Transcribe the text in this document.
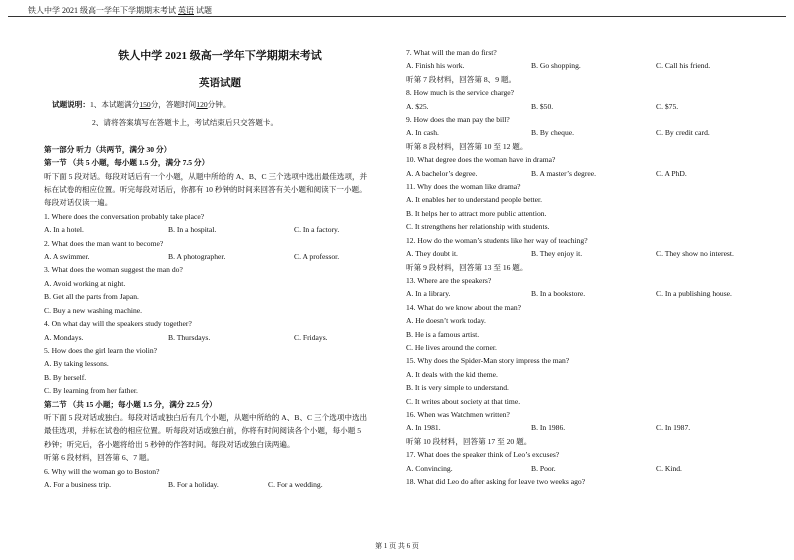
铁人中学 2021 级高一学年下学期期末考试 英语 试题
铁人中学 2021 级高一学年下学期期末考试
英语试题
试题说明：1、本试题满分150分，答题时间120分钟。
2、请将答案填写在答题卡上，考试结束后只交答题卡。
第一部分 听力（共两节，满分 30 分）
第一节 （共 5 小题，每小题 1.5 分，满分 7.5 分）
听下面 5 段对话。每段对话后有一个小题，从题中所给的 A、B、C 三个选项中选出最佳选项，并
标在试卷的相应位置。听完每段对话后，你都有 10 秒钟的时间来回答有关小题和阅读下一小题。
每段对话仅读一遍。
1. Where does the conversation probably take place?
A. In a hotel.	B. In a hospital.	C. In a factory.
2. What does the man want to become?
A. A swimmer.	B. A photographer.	C. A professor.
3. What does the woman suggest the man do?
A. Avoid working at night.
B. Get all the parts from Japan.
C. Buy a new washing machine.
4. On what day will the speakers study together?
A. Mondays.	B. Thursdays.	C. Fridays.
5. How does the girl learn the violin?
A. By taking lessons.
B. By herself.
C. By learning from her father.
第二节 （共 15 小题；每小题 1.5 分，满分 22.5 分）
听下面 5 段对话或独白。每段对话或独白后有几个小题，从题中所给的 A、B、C 三个选项中选出
最佳选项，并标在试卷的相应位置。听每段对话或独白前，你将有时间阅读各个小题，每小题 5
秒钟；听完后，各小题将给出 5 秒钟的作答时间。每段对话或独白读两遍。
听第 6 段材料，回答第 6、7 题。
6. Why will the woman go to Boston?
A. For a business trip.	B. For a holiday.	C. For a wedding.
7. What will the man do first?
A. Finish his work.	B. Go shopping.	C. Call his friend.
听第 7 段材料，回答第 8、9 题。
8. How much is the service charge?
A. $25.	B. $50.	C. $75.
9. How does the man pay the bill?
A. In cash.	B. By cheque.	C. By credit card.
听第 8 段材料，回答第 10 至 12 题。
10. What degree does the woman have in drama?
A. A bachelor’s degree.	B. A master’s degree.	C. A PhD.
11. Why does the woman like drama?
A. It enables her to understand people better.
B. It helps her to attract more public attention.
C. It strengthens her relationship with students.
12. How do the woman’s students like her way of teaching?
A. They doubt it.	B. They enjoy it.	C. They show no interest.
听第 9 段材料，回答第 13 至 16 题。
13. Where are the speakers?
A. In a library.	B. In a bookstore.	C. In a publishing house.
14. What do we know about the man?
A. He doesn’t work today.
B. He is a famous artist.
C. He lives around the corner.
15. Why does the Spider-Man story impress the man?
A. It deals with the kid theme.
B. It is very simple to understand.
C. It writes about society at that time.
16. When was Watchmen written?
A. In 1981.	B. In 1986.	C. In 1987.
听第 10 段材料，回答第 17 至 20 题。
17. What does the speaker think of Leo’s excuses?
A. Convincing.	B. Poor.	C. Kind.
18. What did Leo do after asking for leave two weeks ago?
第 1 页 共 6 页
